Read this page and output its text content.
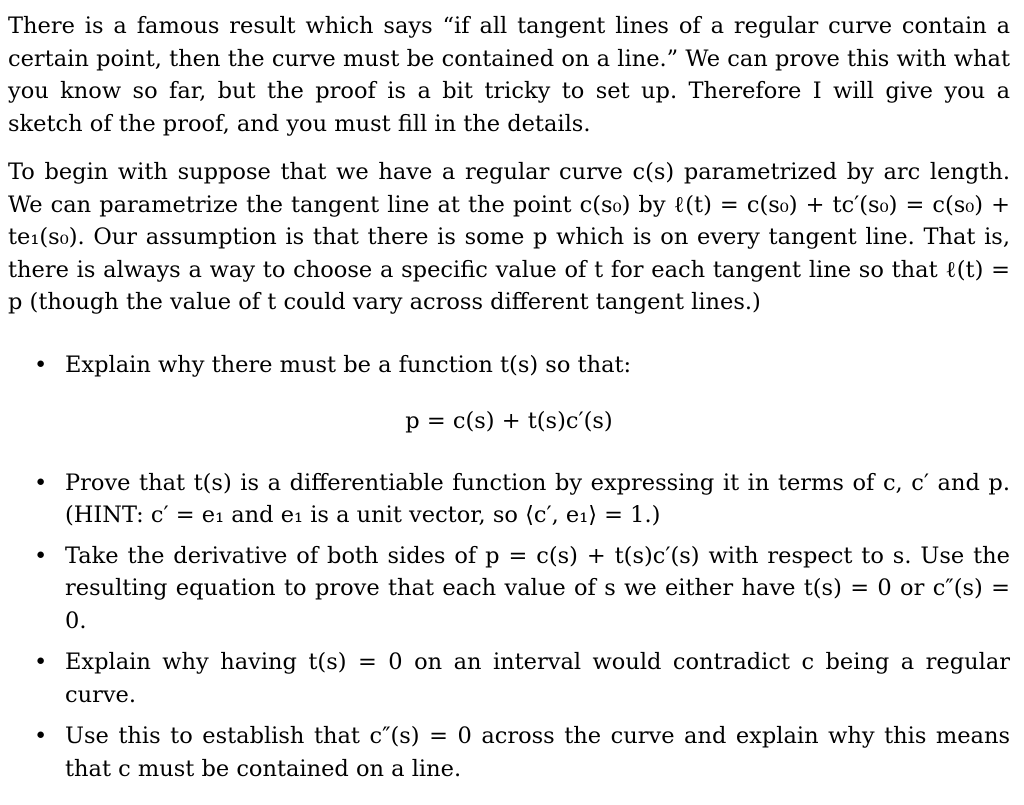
There is a famous result which says “if all tangent lines of a regular curve contain a certain point, then the curve must be contained on a line.” We can prove this with what you know so far, but the proof is a bit tricky to set up. Therefore I will give you a sketch of the proof, and you must fill in the details.

To begin with suppose that we have a regular curve c(s) parametrized by arc length. We can parametrize the tangent line at the point c(s₀) by ℓ(t) = c(s₀) + tc′(s₀) = c(s₀) + te₁(s₀). Our assumption is that there is some p which is on every tangent line. That is, there is always a way to choose a specific value of t for each tangent line so that ℓ(t) = p (though the value of t could vary across different tangent lines.)

• Explain why there must be a function t(s) so that:
p = c(s) + t(s)c′(s)
• Prove that t(s) is a differentiable function by expressing it in terms of c, c′ and p. (HINT: c′ = e₁ and e₁ is a unit vector, so ⟨c′, e₁⟩ = 1.)
• Take the derivative of both sides of p = c(s) + t(s)c′(s) with respect to s. Use the resulting equation to prove that each value of s we either have t(s) = 0 or c″(s) = 0.
• Explain why having t(s) = 0 on an interval would contradict c being a regular curve.
• Use this to establish that c″(s) = 0 across the curve and explain why this means that c must be contained on a line.
